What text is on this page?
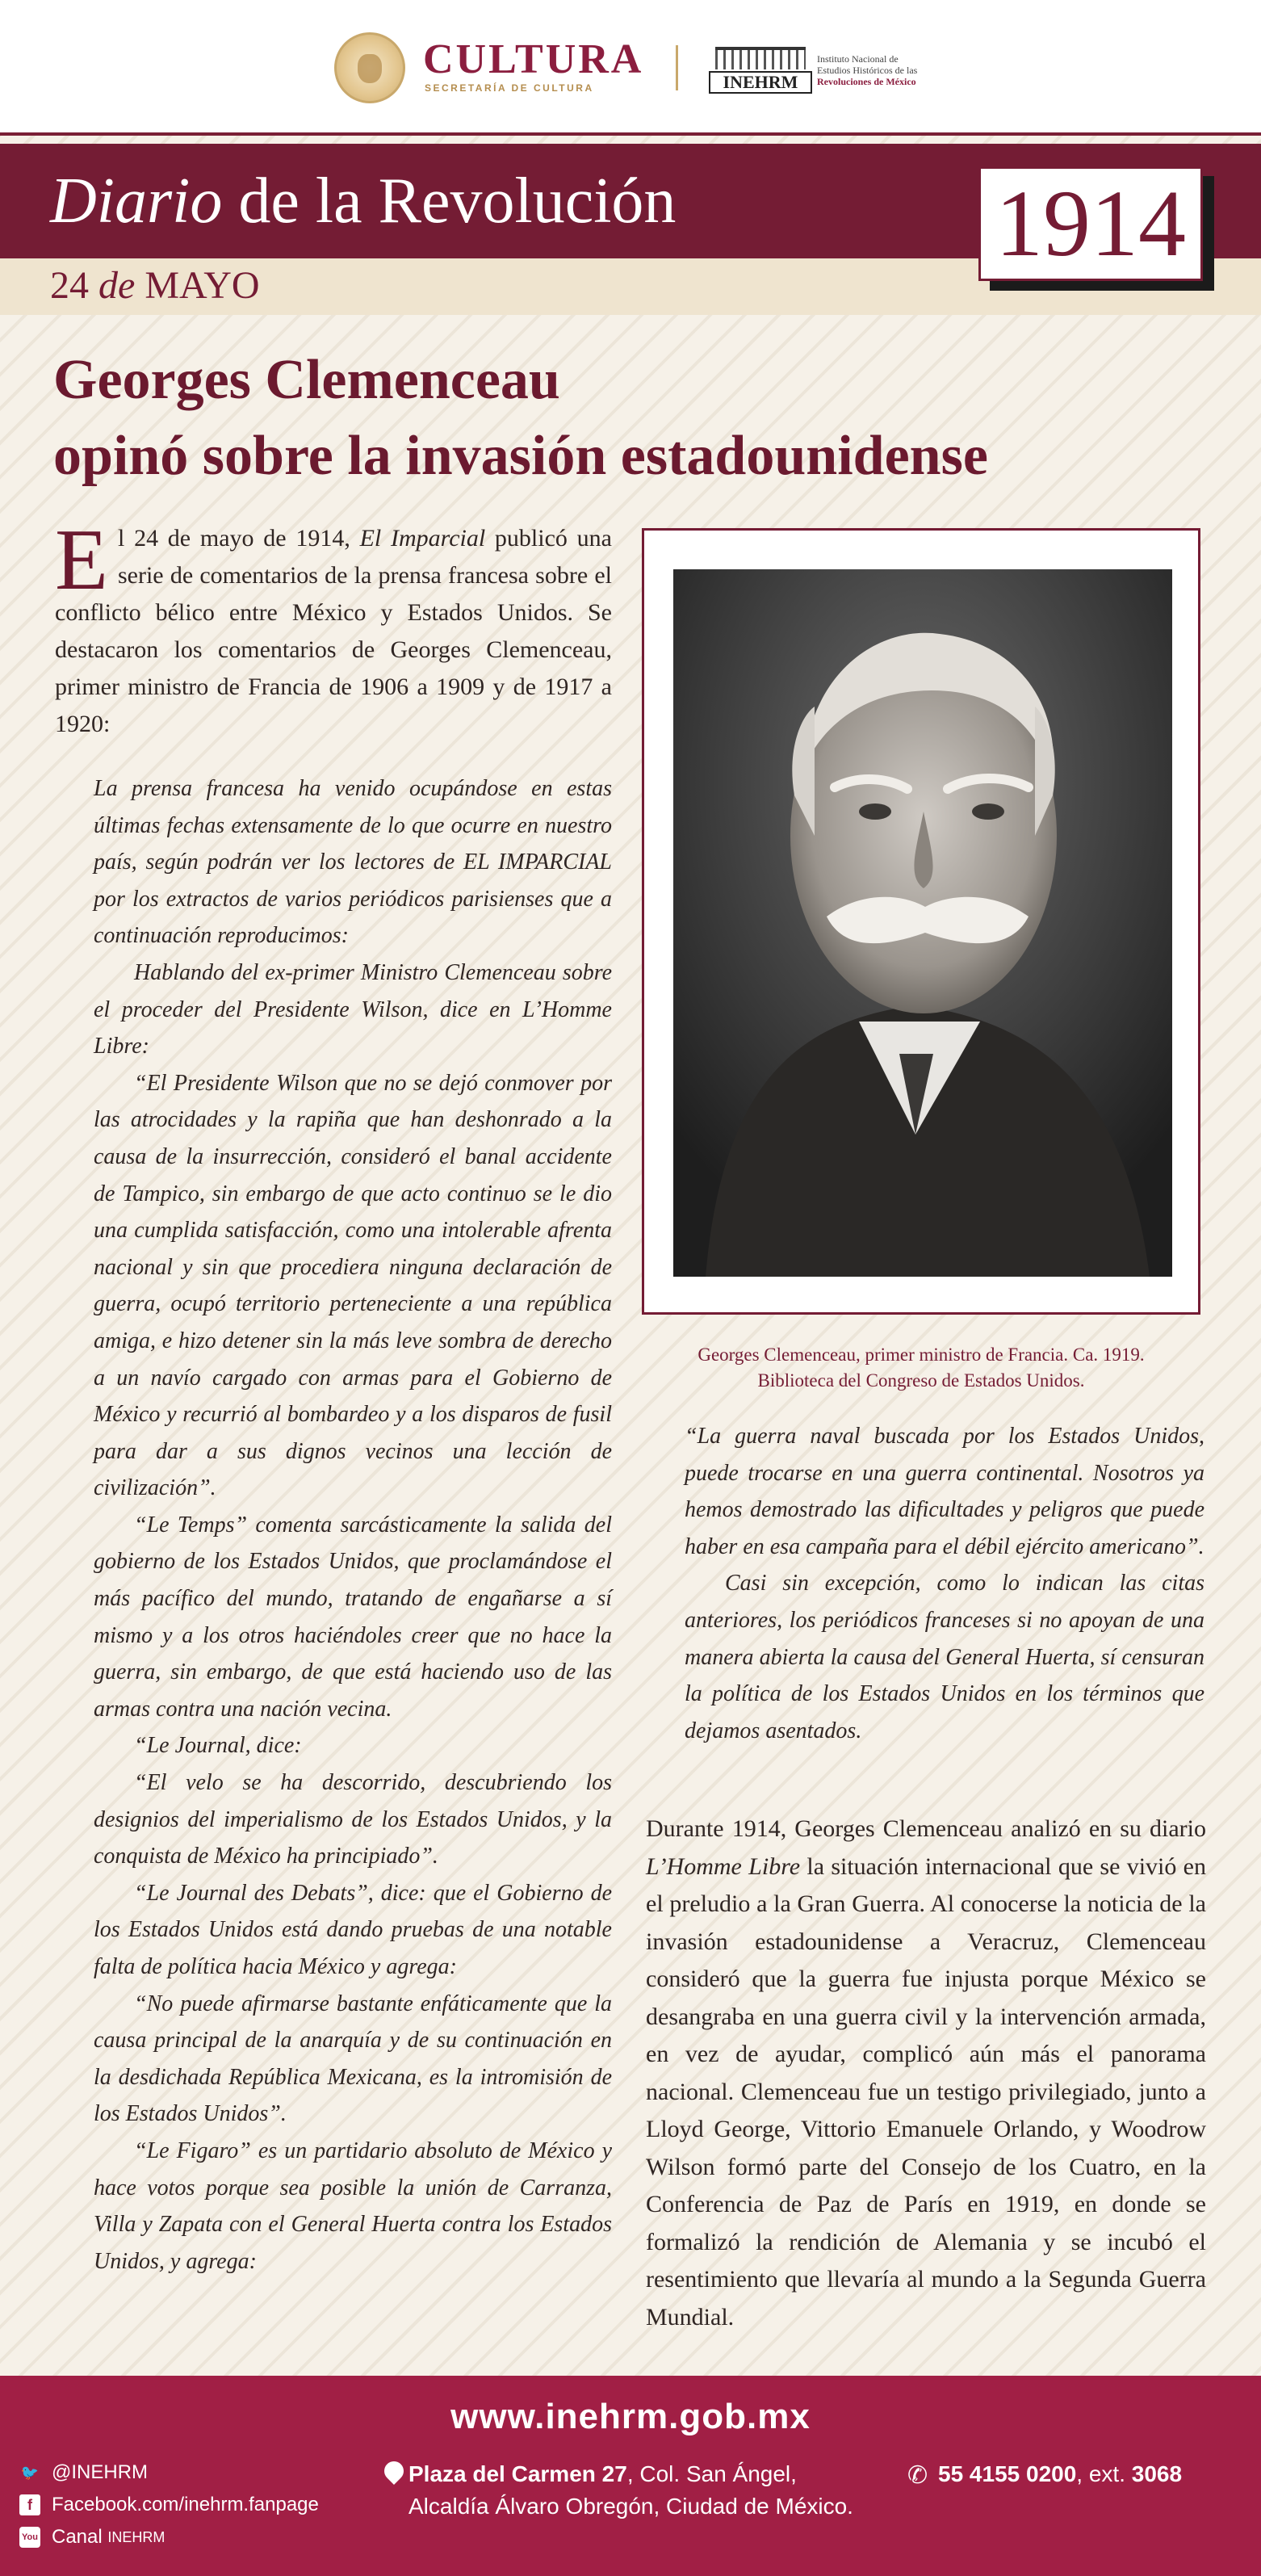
CULTURA
SECRETARÍA DE CULTURA	INEHRM
Instituto Nacional de
Estudios Históricos de las
Revoluciones de México
Diario de la Revolución
24 de MAYO
1914
Georges Clemenceau
opinó sobre la invasión estadounidense

El 24 de mayo de 1914, El Imparcial publicó una serie de comentarios de la prensa francesa sobre el conflicto bélico entre México y Estados Unidos. Se destacaron los comentarios de Georges Clemenceau, primer ministro de Francia de 1906 a 1909 y de 1917 a 1920:

La prensa francesa ha venido ocupándose en estas últimas fechas extensamente de lo que ocurre en nuestro país, según podrán ver los lectores de EL IMPARCIAL por los extractos de varios periódicos parisienses que a continuación reproducimos:

Hablando del ex-primer Ministro Clemenceau sobre el proceder del Presidente Wilson, dice en L’Homme Libre:

“El Presidente Wilson que no se dejó conmover por las atrocidades y la rapiña que han deshonrado a la causa de la insurrección, consideró el banal accidente de Tampico, sin embargo de que acto continuo se le dio una cumplida satisfacción, como una intolerable afrenta nacional y sin que procediera ninguna declaración de guerra, ocupó territorio perteneciente a una república amiga, e hizo detener sin la más leve sombra de derecho a un navío cargado con armas para el Gobierno de México y recurrió al bombardeo y a los disparos de fusil para dar a sus dignos vecinos una lección de civilización”.

“Le Temps” comenta sarcásticamente la salida del gobierno de los Estados Unidos, que proclamándose el más pacífico del mundo, tratando de engañarse a sí mismo y a los otros haciéndoles creer que no hace la guerra, sin embargo, de que está haciendo uso de las armas contra una nación vecina.

“Le Journal, dice:

“El velo se ha descorrido, descubriendo los designios del imperialismo de los Estados Unidos, y la conquista de México ha principiado”.

“Le Journal des Debats”, dice: que el Gobierno de los Estados Unidos está dando pruebas de una notable falta de política hacia México y agrega:

“No puede afirmarse bastante enfáticamente que la causa principal de la anarquía y de su continuación en la desdichada República Mexicana, es la intromisión de los Estados Unidos”.

“Le Figaro” es un partidario absoluto de México y hace votos porque sea posible la unión de Carranza, Villa y Zapata con el General Huerta contra los Estados Unidos, y agrega:

Georges Clemenceau, primer ministro de Francia. Ca. 1919.
Biblioteca del Congreso de Estados Unidos.

“La guerra naval buscada por los Estados Unidos, puede trocarse en una guerra continental. Nosotros ya hemos demostrado las dificultades y peligros que puede haber en esa campaña para el débil ejército americano”.

Casi sin excepción, como lo indican las citas anteriores, los periódicos franceses si no apoyan de una manera abierta la causa del General Huerta, sí censuran la política de los Estados Unidos en los términos que dejamos asentados.

Durante 1914, Georges Clemenceau analizó en su diario L’Homme Libre la situación internacional que se vivió en el preludio a la Gran Guerra. Al conocerse la noticia de la invasión estadounidense a Veracruz, Clemenceau consideró que la guerra fue injusta porque México se desangraba en una guerra civil y la intervención armada, en vez de ayudar, complicó aún más el panorama nacional. Clemenceau fue un testigo privilegiado, junto a Lloyd George, Vittorio Emanuele Orlando, y Woodrow Wilson formó parte del Consejo de los Cuatro, en la Conferencia de Paz de París en 1919, en donde se formalizó la rendición de Alemania y se incubó el resentimiento que llevaría al mundo a la Segunda Guerra Mundial.

www.inehrm.gob.mx
🐦 @INEHRM
f	Facebook.com/inehrm.fanpage
You Canal
INEHRM
Plaza del Carmen 27, Col. San Ángel,
Alcaldía Álvaro Obregón, Ciudad de México.
✆ 55 4155 0200, ext. 3068
